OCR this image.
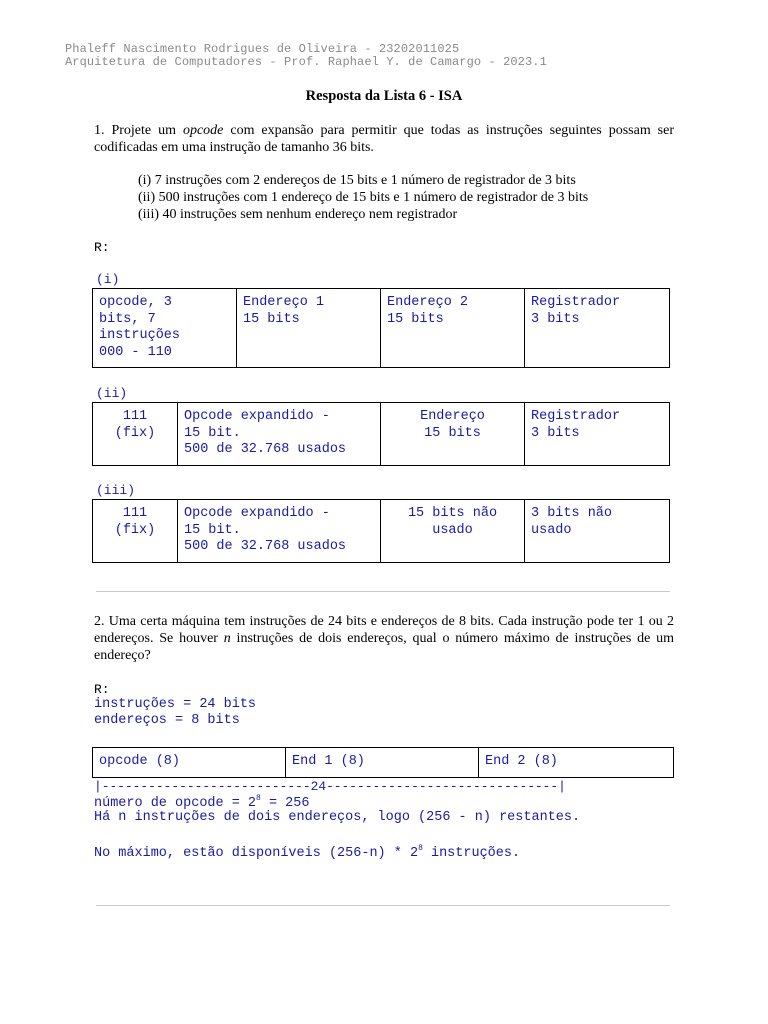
Phaleff Nascimento Rodrigues de Oliveira - 23202011025
Arquitetura de Computadores - Prof. Raphael Y. de Camargo - 2023.1
Resposta da Lista 6 - ISA
1. Projete um opcode com expansão para permitir que todas as instruções seguintes possam ser codificadas em uma instrução de tamanho 36 bits.
(i) 7 instruções com 2 endereços de 15 bits e 1 número de registrador de 3 bits
(ii) 500 instruções com 1 endereço de 15 bits e 1 número de registrador de 3 bits
(iii) 40 instruções sem nenhum endereço nem registrador
R:
(i)
opcode, 3
bits, 7
instruções
000 - 110	Endereço 1
15 bits	Endereço 2
15 bits	Registrador
3 bits
(ii)
111
(fix)	Opcode expandido -
15 bit.
500 de 32.768 usados	Endereço
15 bits	Registrador
3 bits
(iii)
111
(fix)	Opcode expandido -
15 bit.
500 de 32.768 usados	15 bits não
usado	3 bits não
usado
2. Uma certa máquina tem instruções de 24 bits e endereços de 8 bits. Cada instrução pode ter 1 ou 2 endereços. Se houver n instruções de dois endereços, qual o número máximo de instruções de um endereço?
R:
instruções = 24 bits
endereços = 8 bits
opcode (8)	End 1 (8)	End 2 (8)
|---------------------------24------------------------------|
número de opcode = $2^8 = 256$
Há n instruções de dois endereços, logo (256 - n) restantes.
No máximo, estão disponíveis $(256-n) * 2^8$ instruções.
